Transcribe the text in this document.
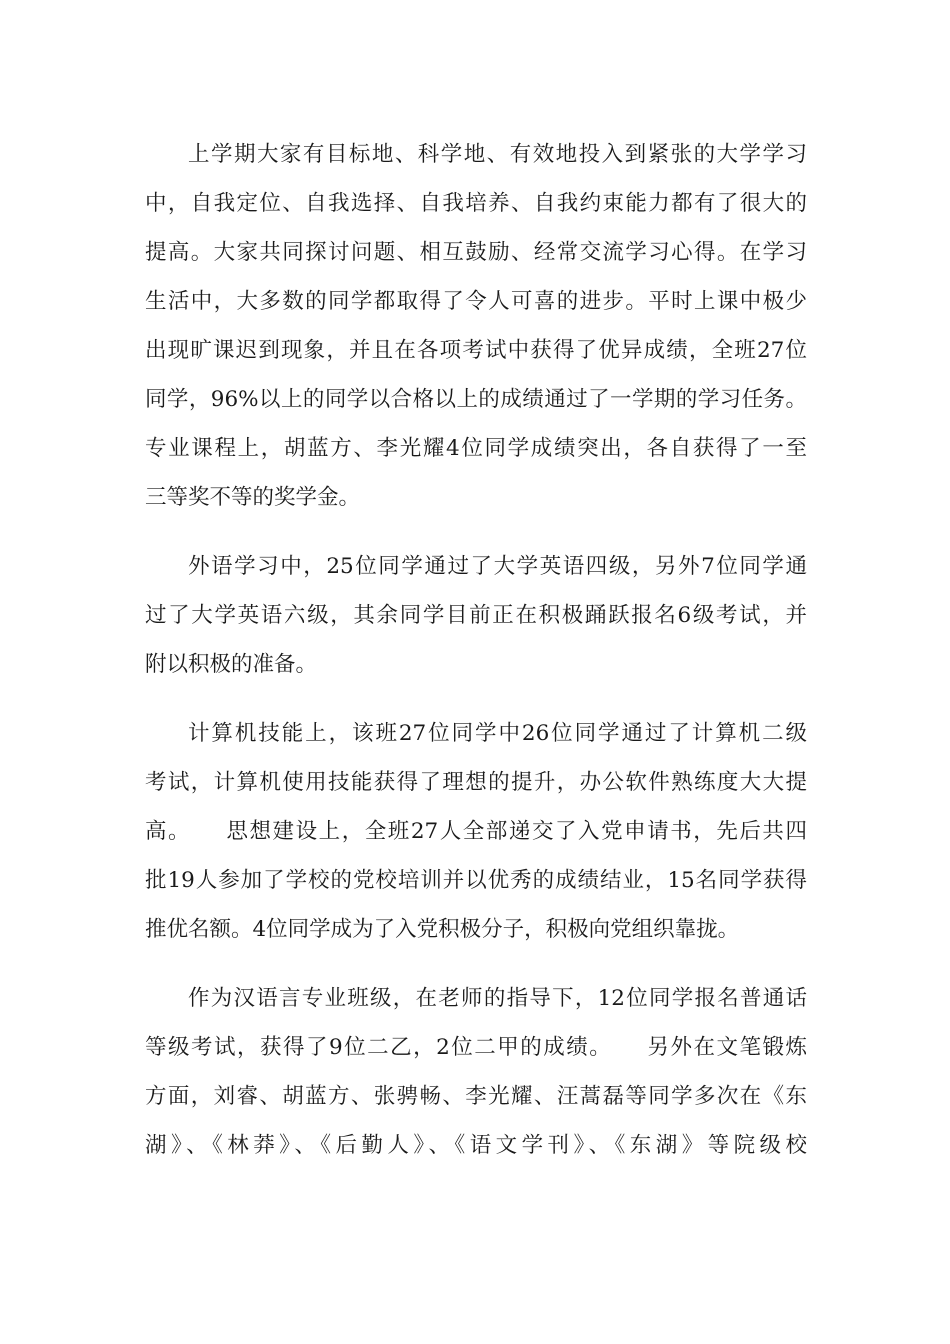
上学期大家有目标地、科学地、有效地投入到紧张的大学学习
中，自我定位、自我选择、自我培养、自我约束能力都有了很大的
提高。大家共同探讨问题、相互鼓励、经常交流学习心得。在学习
生活中，大多数的同学都取得了令人可喜的进步。平时上课中极少
出现旷课迟到现象，并且在各项考试中获得了优异成绩，全班27位
同学，96%以上的同学以合格以上的成绩通过了一学期的学习任务。
专业课程上，胡蓝方、李光耀4位同学成绩突出，各自获得了一至
三等奖不等的奖学金。

外语学习中，25位同学通过了大学英语四级，另外7位同学通
过了大学英语六级，其余同学目前正在积极踊跃报名6级考试，并
附以积极的准备。

计算机技能上，该班27位同学中26位同学通过了计算机二级
考试，计算机使用技能获得了理想的提升，办公软件熟练度大大提
高。　　思想建设上，全班27人全部递交了入党申请书，先后共四
批19人参加了学校的党校培训并以优秀的成绩结业，15名同学获得
推优名额。4位同学成为了入党积极分子，积极向党组织靠拢。

作为汉语言专业班级，在老师的指导下，12位同学报名普通话
等级考试，获得了9位二乙，2位二甲的成绩。　　另外在文笔锻炼
方面，刘睿、胡蓝方、张骋畅、李光耀、汪蒿磊等同学多次在《东
湖》、《林莽》、《后勤人》、《语文学刊》、《东湖》等院级校
